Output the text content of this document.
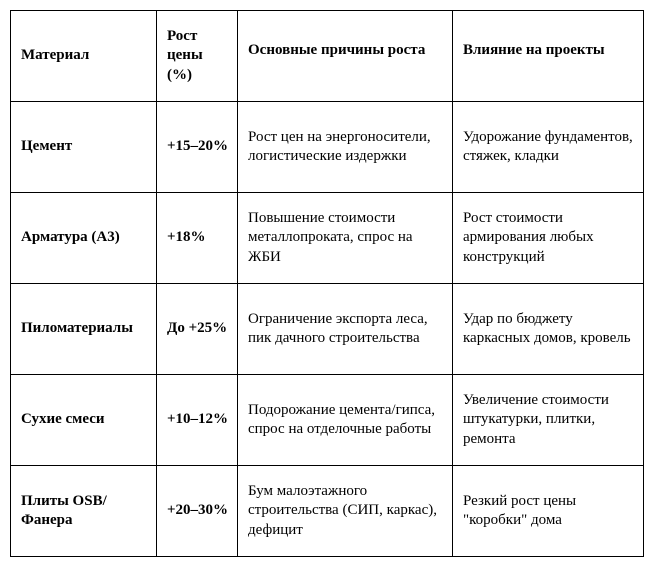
Материал	Рост цены (%)	Основные причины роста	Влияние на проекты
Цемент	+15–20%	Рост цен на энергоносители, логистические издержки	Удорожание фундаментов, стяжек, кладки
Арматура (А3)	+18%	Повышение стоимости металлопроката, спрос на ЖБИ	Рост стоимости армирования любых конструкций
Пиломатериалы	До +25%	Ограничение экспорта леса, пик дачного строительства	Удар по бюджету каркасных домов, кровель
Сухие смеси	+10–12%	Подорожание цемента/гипса, спрос на отделочные работы	Увеличение стоимости штукатурки, плитки, ремонта
Плиты OSB/Фанера	+20–30%	Бум малоэтажного строительства (СИП, каркас), дефицит	Резкий рост цены "коробки" дома
